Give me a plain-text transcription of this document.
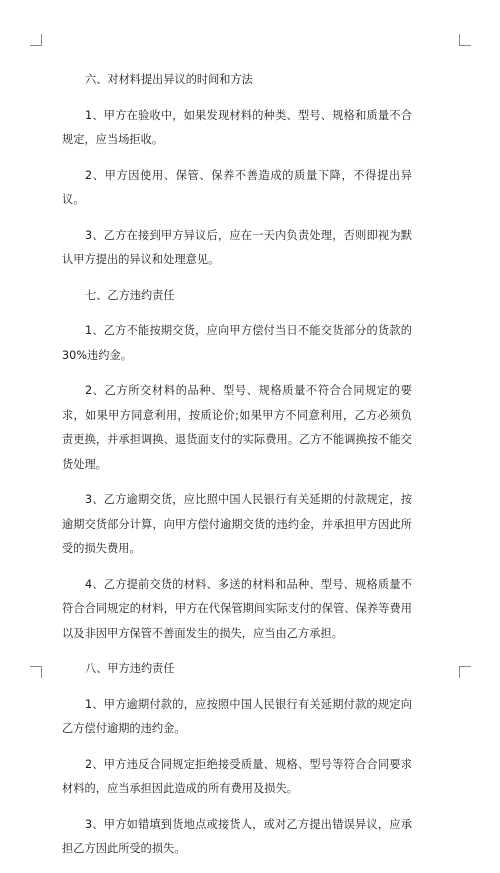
六、对材料提出异议的时间和方法

1、甲方在验收中，如果发现材料的种类、型号、规格和质量不合规定，应当场拒收。

2、甲方因使用、保管、保养不善造成的质量下降，不得提出异议。

3、乙方在接到甲方异议后，应在一天内负责处理，否则即视为默认甲方提出的异议和处理意见。

七、乙方违约责任

1、乙方不能按期交货，应向甲方偿付当日不能交货部分的货款的30%违约金。

2、乙方所交材料的品种、型号、规格质量不符合合同规定的要求，如果甲方同意利用，按质论价;如果甲方不同意利用，乙方必须负责更换，并承担调换、退货面支付的实际费用。乙方不能调换按不能交货处理。

3、乙方逾期交货，应比照中国人民银行有关延期的付款规定，按逾期交货部分计算，向甲方偿付逾期交货的违约金，并承担甲方因此所受的损失费用。

4、乙方提前交货的材料、多送的材料和品种、型号、规格质量不符合合同规定的材料，甲方在代保管期间实际支付的保管、保养等费用以及非因甲方保管不善面发生的损失，应当由乙方承担。

八、甲方违约责任

1、甲方逾期付款的，应按照中国人民银行有关延期付款的规定向乙方偿付逾期的违约金。

2、甲方违反合同规定拒绝接受质量、规格、型号等符合合同要求材料的，应当承担因此造成的所有费用及损失。

3、甲方如错填到货地点或接货人，或对乙方提出错误异议，应承担乙方因此所受的损失。
